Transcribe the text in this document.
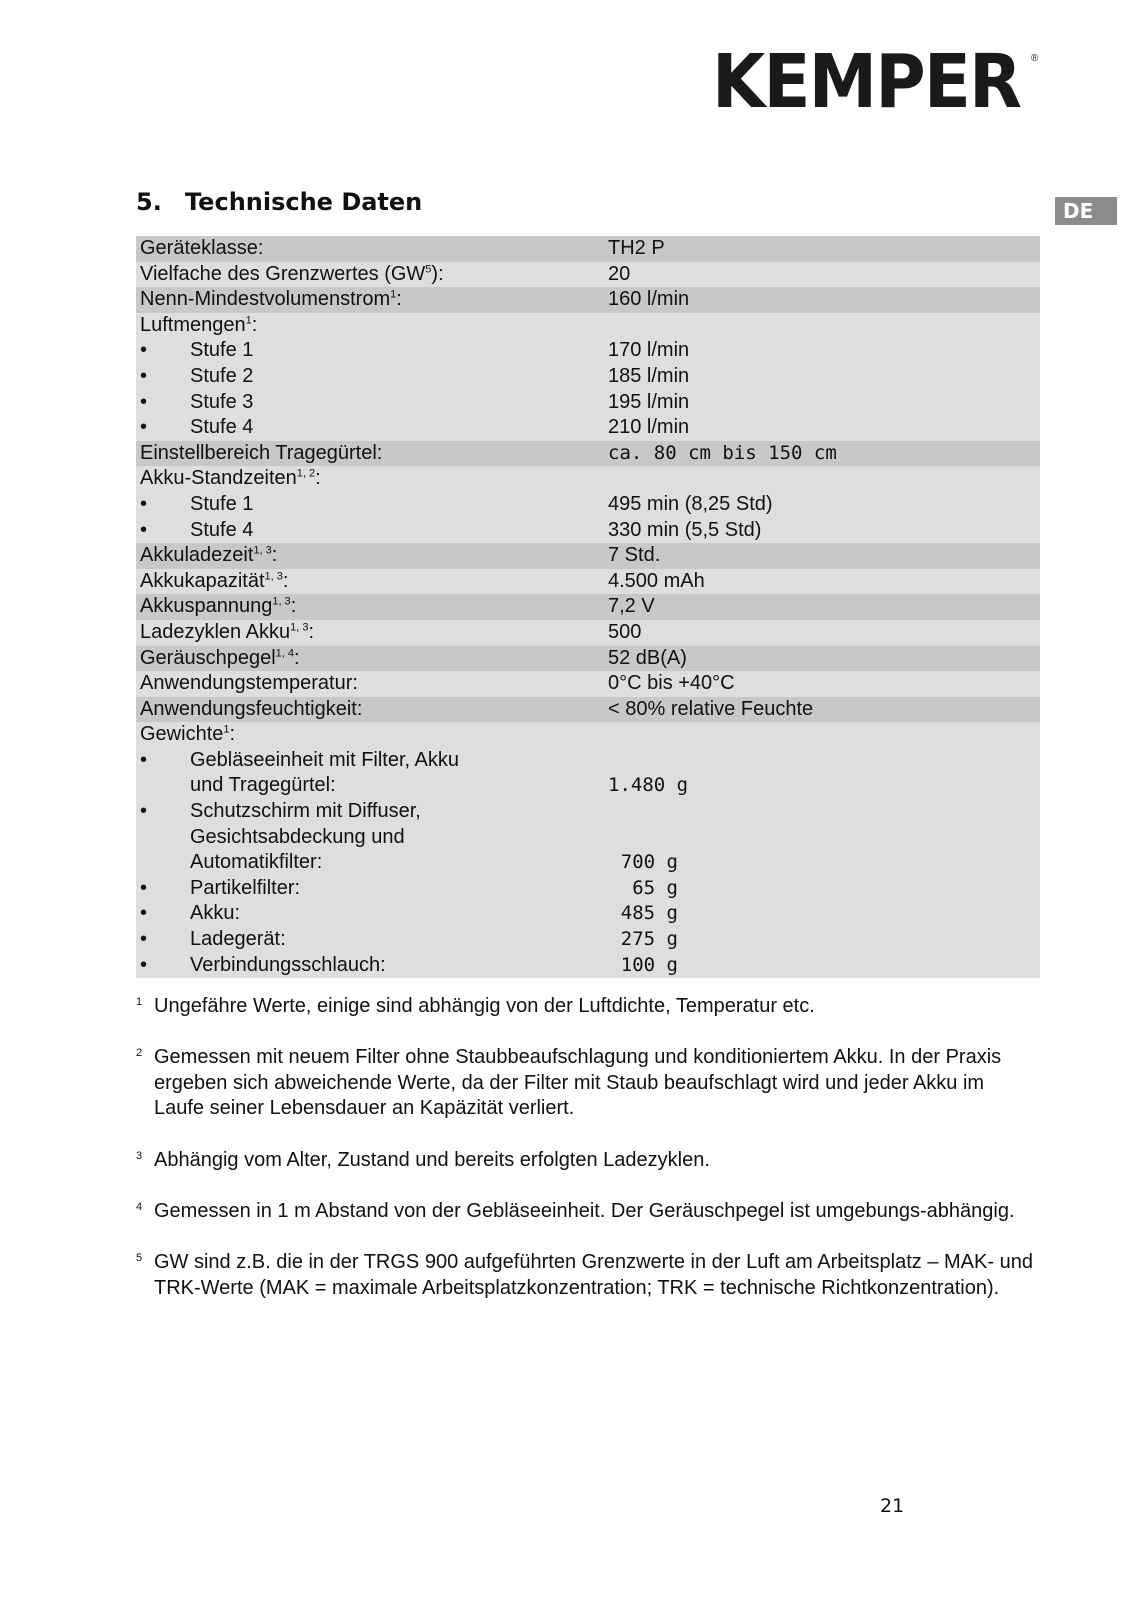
KEMPER ®
5. Technische Daten	DE
Geräteklasse:	TH2 P
Vielfache des Grenzwertes $(GW^5)$:	20
Nenn-Mindestvolumenstrom$^1$:	160 l/min
Luftmengen$^1$:
• Stufe 1	170 l/min
• Stufe 2	185 l/min
• Stufe 3	195 l/min
• Stufe 4	210 l/min
Einstellbereich Tragegürtel:	ca. 80 cm bis 150 cm
Akku-Standzeiten$^{1, 2}$:
• Stufe 1	495 min (8,25 Std)
• Stufe 4	330 min (5,5 Std)
Akkuladezeit$^{1, 3}$:	7 Std.
Akkukapazität$^{1, 3}$:	4.500 mAh
Akkuspannung$^{1, 3}$:	7,2 V
Ladezyklen Akku$^{1, 3}$:	500
Geräuschpegel$^{1, 4}$:	52 dB(A)
Anwendungstemperatur:	0°C bis +40°C
Anwendungsfeuchtigkeit:	< 80% relative Feuchte
Gewichte$^1$:
• Gebläseeinheit mit Filter, Akku
und Tragegürtel:	1.480 g
• Schutzschirm mit Diffuser,
Gesichtsabdeckung und
Automatikfilter:	700 g
• Partikelfilter:	65 g
• Akku:	485 g
• Ladegerät:	275 g
• Verbindungsschlauch:	100 g
1 Ungefähre Werte, einige sind abhängig von der Luftdichte, Temperatur etc.
2 Gemessen mit neuem Filter ohne Staubbeaufschlagung und konditioniertem Akku. In der Praxis ergeben sich abweichende Werte, da der Filter mit Staub beaufschlagt wird und jeder Akku im Laufe seiner Lebensdauer an Kapäzität verliert.
3 Abhängig vom Alter, Zustand und bereits erfolgten Ladezyklen.
4 Gemessen in 1 m Abstand von der Gebläseeinheit. Der Geräuschpegel ist umgebungs-abhängig.
5 GW sind z.B. die in der TRGS 900 aufgeführten Grenzwerte in der Luft am Arbeitsplatz – MAK- und TRK-Werte (MAK = maximale Arbeitsplatzkonzentration; TRK = technische Richtkonzentration).
21
